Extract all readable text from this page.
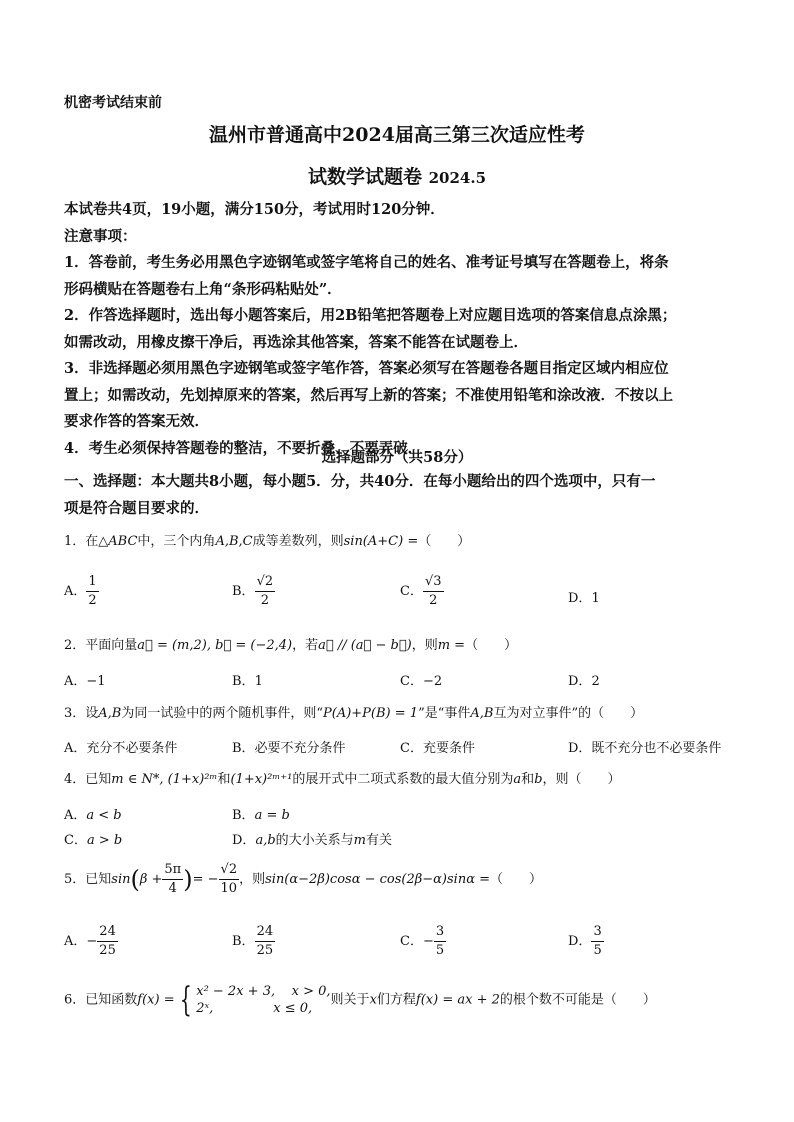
机密考试结束前
温州市普通高中2024届高三第三次适应性考
试数学试题卷 2024.5
本试卷共4页，19小题，满分150分，考试用时120分钟．
注意事项：
1．答卷前，考生务必用黑色字迹钢笔或签字笔将自己的姓名、准考证号填写在答题卷上，将条
形码横贴在答题卷右上角“条形码粘贴处”．
2．作答选择题时，选出每小题答案后，用2B铅笔把答题卷上对应题目选项的答案信息点涂黑；
如需改动，用橡皮擦干净后，再选涂其他答案，答案不能答在试题卷上．
3．非选择题必须用黑色字迹钢笔或签字笔作答，答案必须写在答题卷各题目指定区域内相应位
置上；如需改动，先划掉原来的答案，然后再写上新的答案；不准使用铅笔和涂改液．不按以上
要求作答的答案无效．
4．考生必须保持答题卷的整洁，不要折叠、不要弄破．
选择题部分（共58分）
一、选择题：本大题共8小题，每小题5．分，共40分．在每小题给出的四个选项中，只有一
项是符合题目要求的．
1．在△ABC中，三个内角A,B,C成等差数列，则sin(A+C) =（　　）
A． $\frac{1}{2}$	B． $\frac{√2}{2}$	C． $\frac{√3}{2}$	D．1
2．平面向量a⃗ = (m,2), b⃗ = (−2,4)，若a⃗ // (a⃗ − b⃗)，则m =（　　）
A．−1	B．1	C．−2	D．2
3．设A,B为同一试验中的两个随机事件，则“P(A)+P(B) = 1”是“事件A,B互为对立事件”的（　　）
A．充分不必要条件	B．必要不充分条件	C．充要条件	D．既不充分也不必要条件
4．已知m ∈ N*, (1+x)²ᵐ和(1+x)²ᵐ⁺¹的展开式中二项式系数的最大值分别为a和b，则（　　）
A．a < b	B．a = b
C．a > b	D．a,b的大小关系与m有关
5．已知$\sin(\beta + \frac{5\pi}{4}$ )= − $\frac{√2}{10}$ ，则sin(α−2β)cosα − cos(2β−α)sinα =（　　）
A．− $\frac{24}{25}$	B． $\frac{24}{25}$	C．− $\frac{3}{5}$	D． $\frac{3}{5}$
6．已知函数f(x) = { x² − 2x + 3, x > 0,
2ˣ,	x ≤ 0,
则关于x们方程f(x) = ax + 2的根个数不可能是（　　）
